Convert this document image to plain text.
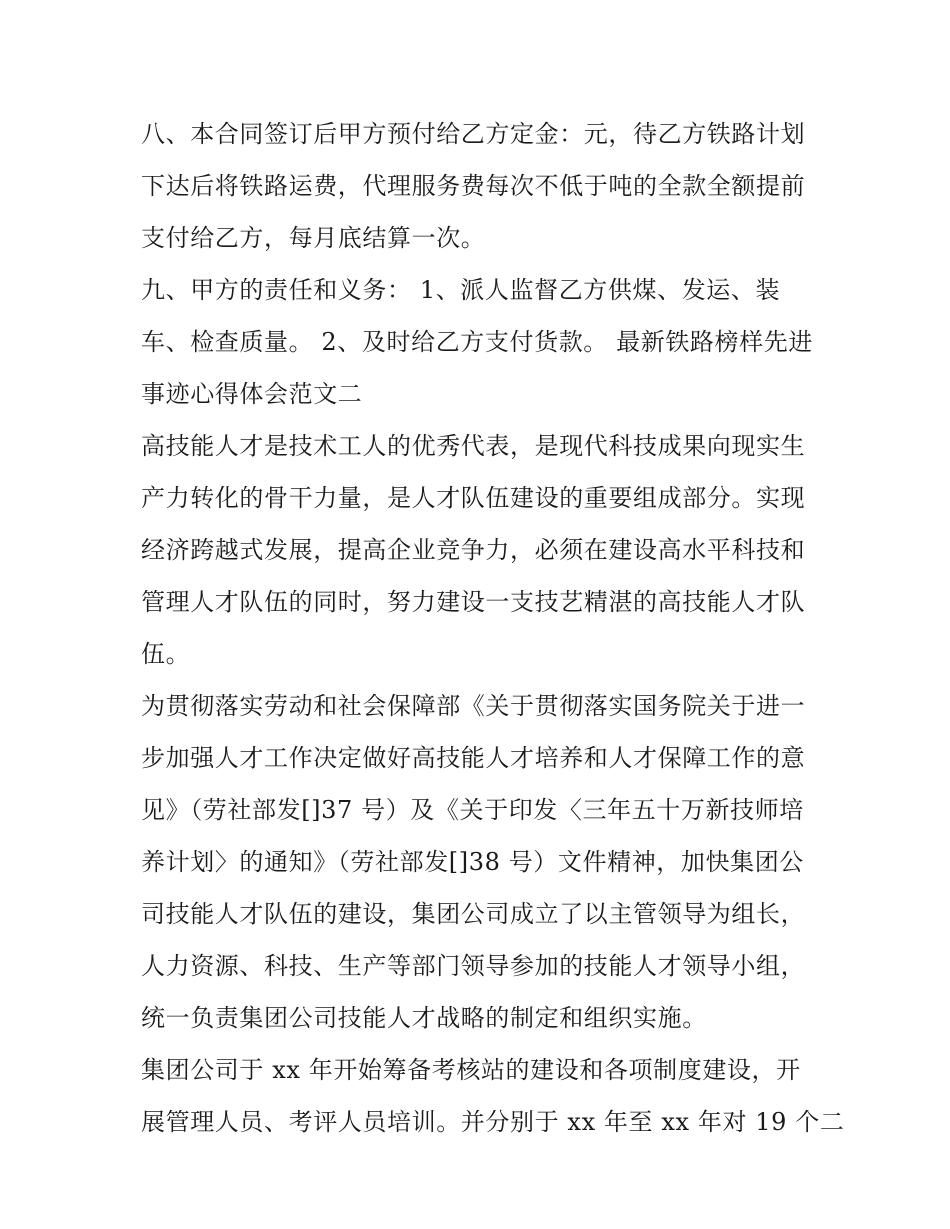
八、本合同签订后甲方预付给乙方定金：元，待乙方铁路计划
下达后将铁路运费，代理服务费每次不低于吨的全款全额提前
支付给乙方，每月底结算一次。
九、甲方的责任和义务： 1、派人监督乙方供煤、发运、装
车、检查质量。 2、及时给乙方支付货款。 最新铁路榜样先进
事迹心得体会范文二
高技能人才是技术工人的优秀代表，是现代科技成果向现实生
产力转化的骨干力量，是人才队伍建设的重要组成部分。实现
经济跨越式发展，提高企业竞争力，必须在建设高水平科技和
管理人才队伍的同时，努力建设一支技艺精湛的高技能人才队
伍。
为贯彻落实劳动和社会保障部《关于贯彻落实国务院关于进一
步加强人才工作决定做好高技能人才培养和人才保障工作的意
见》（劳社部发[]37 号）及《关于印发〈三年五十万新技师培
养计划〉的通知》（劳社部发[]38 号）文件精神，加快集团公
司技能人才队伍的建设，集团公司成立了以主管领导为组长，
人力资源、科技、生产等部门领导参加的技能人才领导小组，
统一负责集团公司技能人才战略的制定和组织实施。
集团公司于 xx 年开始筹备考核站的建设和各项制度建设，开
展管理人员、考评人员培训。并分别于 xx 年至 xx 年对 19 个二
